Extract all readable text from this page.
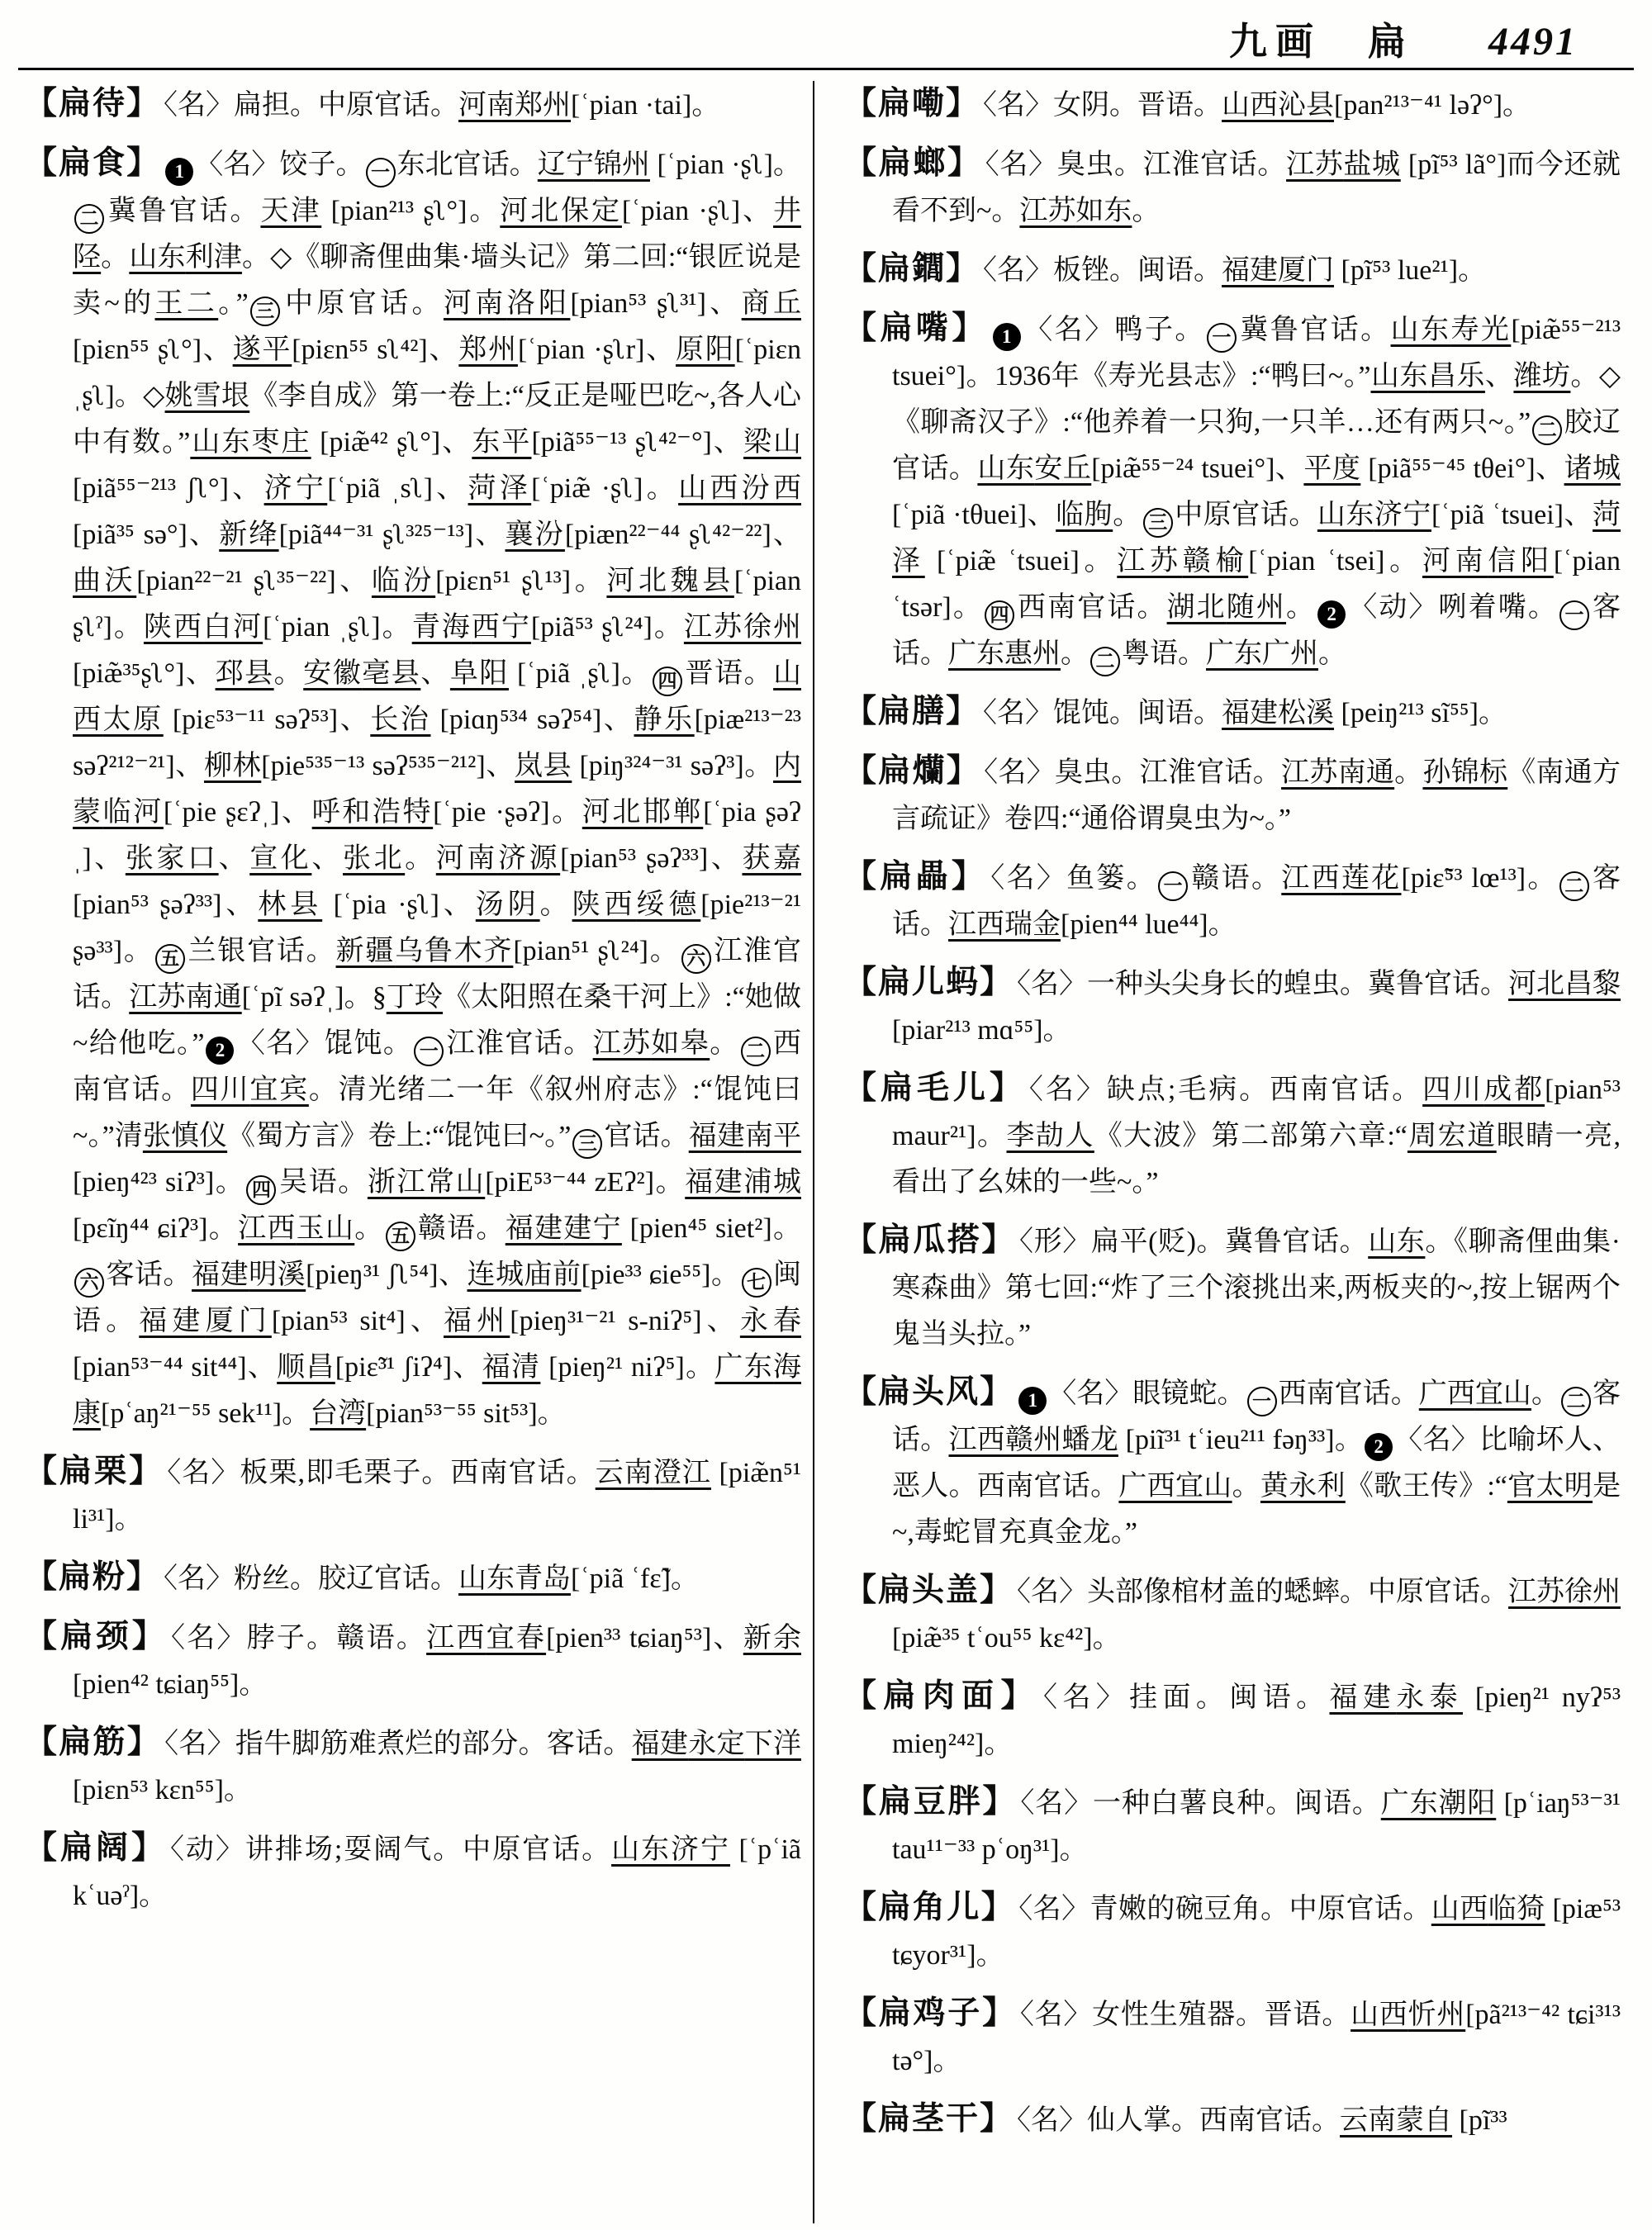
九画　扁 4491

【扁待】 〈名〉扁担。中原官话。河南郑州[ʿpian ·tai]。

【扁食】 1 〈名〉饺子。 一 东北官话。辽宁锦州 [ʿpian ·ʂʅ]。二 冀鲁官话。天津 [pian²¹³ ʂʅ°]。河北保定[ʿpian ·ʂʅ]、井陉。山东利津。◇《聊斋俚曲集·墙头记》第二回:“银匠说是卖~的王二。” 三 中原官话。河南洛阳[pian⁵³ ʂʅ³¹]、商丘 [piɛn⁵⁵ ʂʅ°]、遂平[piɛn⁵⁵ sʅ⁴²]、郑州[ʿpian ·ʂʅr]、原阳[ʿpiɛn ˌʂʅ]。◇姚雪垠《李自成》第一卷上:“反正是哑巴吃~,各人心中有数。”山东枣庄 [piæ̃⁴² ʂʅ°]、东平[piã⁵⁵⁻¹³ ʂʅ⁴²⁻°]、梁山 [piã⁵⁵⁻²¹³ ʃʅ°]、济宁[ʿpiã ˌsʅ]、菏泽[ʿpiæ̃ ·ʂʅ]。山西汾西[piã³⁵ sə°]、新绛[piã⁴⁴⁻³¹ ʂʅ³²⁵⁻¹³]、襄汾[piæn²²⁻⁴⁴ ʂʅ⁴²⁻²²]、曲沃[pian²²⁻²¹ ʂʅ³⁵⁻²²]、临汾[piɛn⁵¹ ʂʅ¹³]。河北魏县[ʿpian ʂʅˀ]。陕西白河[ʿpian ˌʂʅ]。青海西宁[piã⁵³ ʂʅ²⁴]。江苏徐州[piæ̃³⁵ʂʅ°]、邳县。安徽亳县、阜阳 [ʿpiã ˌʂʅ]。 四 晋语。山西太原 [piɛ⁵³⁻¹¹ səʔ⁵³]、长治 [piɑŋ⁵³⁴ səʔ⁵⁴]、静乐[piæ²¹³⁻²³ səʔ²¹²⁻²¹]、柳林[pie⁵³⁵⁻¹³ səʔ⁵³⁵⁻²¹²]、岚县 [piŋ³²⁴⁻³¹ səʔ³]。内蒙临河[ʿpie ʂɛʔˌ]、呼和浩特[ʿpie ·ʂəʔ]。河北邯郸[ʿpia ʂəʔˌ]、张家口、宣化、张北。河南济源[pian⁵³ ʂəʔ³³]、获嘉[pian⁵³ ʂəʔ³³]、林县 [ʿpia ·ʂʅ]、汤阴。陕西绥德[pie²¹³⁻²¹ ʂə³³]。 五 兰银官话。新疆乌鲁木齐[pian⁵¹ ʂʅ²⁴]。 六 江淮官话。江苏南通[ʿpĩ səʔˌ]。§丁玲《太阳照在桑干河上》:“她做~给他吃。” 2 〈名〉馄饨。 一 江淮官话。江苏如皋。 二 西南官话。四川宜宾。清光绪二一年《叙州府志》:“馄饨曰~。”清张慎仪《蜀方言》卷上:“馄饨曰~。” 三 官话。福建南平[pieŋ⁴²³ siʔ³]。 四 吴语。浙江常山[piE⁵³⁻⁴⁴ zEʔ²]。福建浦城 [pɛĩŋ⁴⁴ ɕiʔ³]。江西玉山。 五 赣语。福建建宁 [pien⁴⁵ siet²]。六 客话。福建明溪[pieŋ³¹ ʃʅ⁵⁴]、连城庙前[pie³³ ɕie⁵⁵]。 七 闽语。福建厦门[pian⁵³ sit⁴]、福州[pieŋ³¹⁻²¹ s-niʔ⁵]、永春[pian⁵³⁻⁴⁴ sit⁴⁴]、顺昌[piɛ̃³¹ ʃiʔ⁴]、福清 [pieŋ²¹ niʔ⁵]。广东海康[pʿaŋ²¹⁻⁵⁵ sek¹¹]。台湾[pian⁵³⁻⁵⁵ sit⁵³]。

【扁栗】 〈名〉板栗,即毛栗子。西南官话。云南澄江 [piæ̃n⁵¹ li³¹]。

【扁粉】 〈名〉粉丝。胶辽官话。山东青岛[ʿpiã ʿfɛ̃]。

【扁颈】 〈名〉脖子。赣语。江西宜春[pien³³ tɕiaŋ⁵³]、新余[pien⁴² tɕiaŋ⁵⁵]。

【扁筋】 〈名〉指牛脚筋难煮烂的部分。客话。福建永定下洋[piɛn⁵³ kɛn⁵⁵]。

【扁阔】 〈动〉讲排场;耍阔气。中原官话。山东济宁 [ʿpʿiã kʿuəˀ]。

【扁嘞】 〈名〉女阴。晋语。山西沁县[pan²¹³⁻⁴¹ ləʔ°]。

【扁螂】 〈名〉臭虫。江淮官话。江苏盐城 [pĩ⁵³ lã°]而今还就看不到~。江苏如东。

【扁䥨】 〈名〉板锉。闽语。福建厦门 [pĩ⁵³ lue²¹]。

【扁嘴】 1 〈名〉鸭子。 一 冀鲁官话。山东寿光[piæ̃⁵⁵⁻²¹³ tsuei°]。1936年《寿光县志》:“鸭曰~。”山东昌乐、潍坊。◇《聊斋汉子》:“他养着一只狗,一只羊…还有两只~。” 二 胶辽官话。山东安丘[piæ̃⁵⁵⁻²⁴ tsuei°]、平度 [piã⁵⁵⁻⁴⁵ tθei°]、诸城[ʿpiã ·tθuei]、临朐。 三 中原官话。山东济宁[ʿpiã ʿtsuei]、菏泽 [ʿpiæ̃ ʿtsuei]。江苏赣榆[ʿpian ʿtsei]。河南信阳[ʿpian ʿtsər]。 四 西南官话。湖北随州。 2 〈动〉咧着嘴。 一 客话。广东惠州。 二 粤语。广东广州。

【扁膳】 〈名〉馄饨。闽语。福建松溪 [peiŋ²¹³ sĩ⁵⁵]。

【扁爤】 〈名〉臭虫。江淮官话。江苏南通。孙锦标《南通方言疏证》卷四:“通俗谓臭虫为~。”

【扁畾】 〈名〉鱼篓。 一 赣语。江西莲花[piɛ̃⁵³ lœ¹³]。 二 客话。江西瑞金[pien⁴⁴ lue⁴⁴]。

【扁儿蚂】 〈名〉一种头尖身长的蝗虫。冀鲁官话。河北昌黎[piar²¹³ mɑ⁵⁵]。

【扁毛儿】 〈名〉缺点;毛病。西南官话。四川成都[pian⁵³ maur²¹]。李劼人《大波》第二部第六章:“周宏道眼睛一亮,看出了幺妹的一些~。”

【扁瓜搭】 〈形〉扁平(贬)。冀鲁官话。山东。《聊斋俚曲集·寒森曲》第七回:“炸了三个滚挑出来,两板夹的~,按上锯两个鬼当头拉。”

【扁头风】 1 〈名〉眼镜蛇。 一 西南官话。广西宜山。 二 客话。江西赣州蟠龙 [piĩ³¹ tʿieu²¹¹ fəŋ³³]。 2 〈名〉比喻坏人、恶人。西南官话。广西宜山。黄永利《歌王传》:“官太明是~,毒蛇冒充真金龙。”

【扁头盖】 〈名〉头部像棺材盖的蟋蟀。中原官话。江苏徐州 [piæ̃³⁵ tʿou⁵⁵ kɛ⁴²]。

【扁肉面】 〈名〉挂面。闽语。福建永泰 [pieŋ²¹ nyʔ⁵³ mieŋ²⁴²]。

【扁豆胖】 〈名〉一种白薯良种。闽语。广东潮阳 [pʿiaŋ⁵³⁻³¹ tau¹¹⁻³³ pʿoŋ³¹]。

【扁角儿】 〈名〉青嫩的碗豆角。中原官话。山西临猗 [piæ⁵³ tɕyor³¹]。

【扁鸡子】 〈名〉女性生殖器。晋语。山西忻州[pã²¹³⁻⁴² tɕi³¹³ tə°]。

【扁茎干】 〈名〉仙人掌。西南官话。云南蒙自 [pĩ³³
